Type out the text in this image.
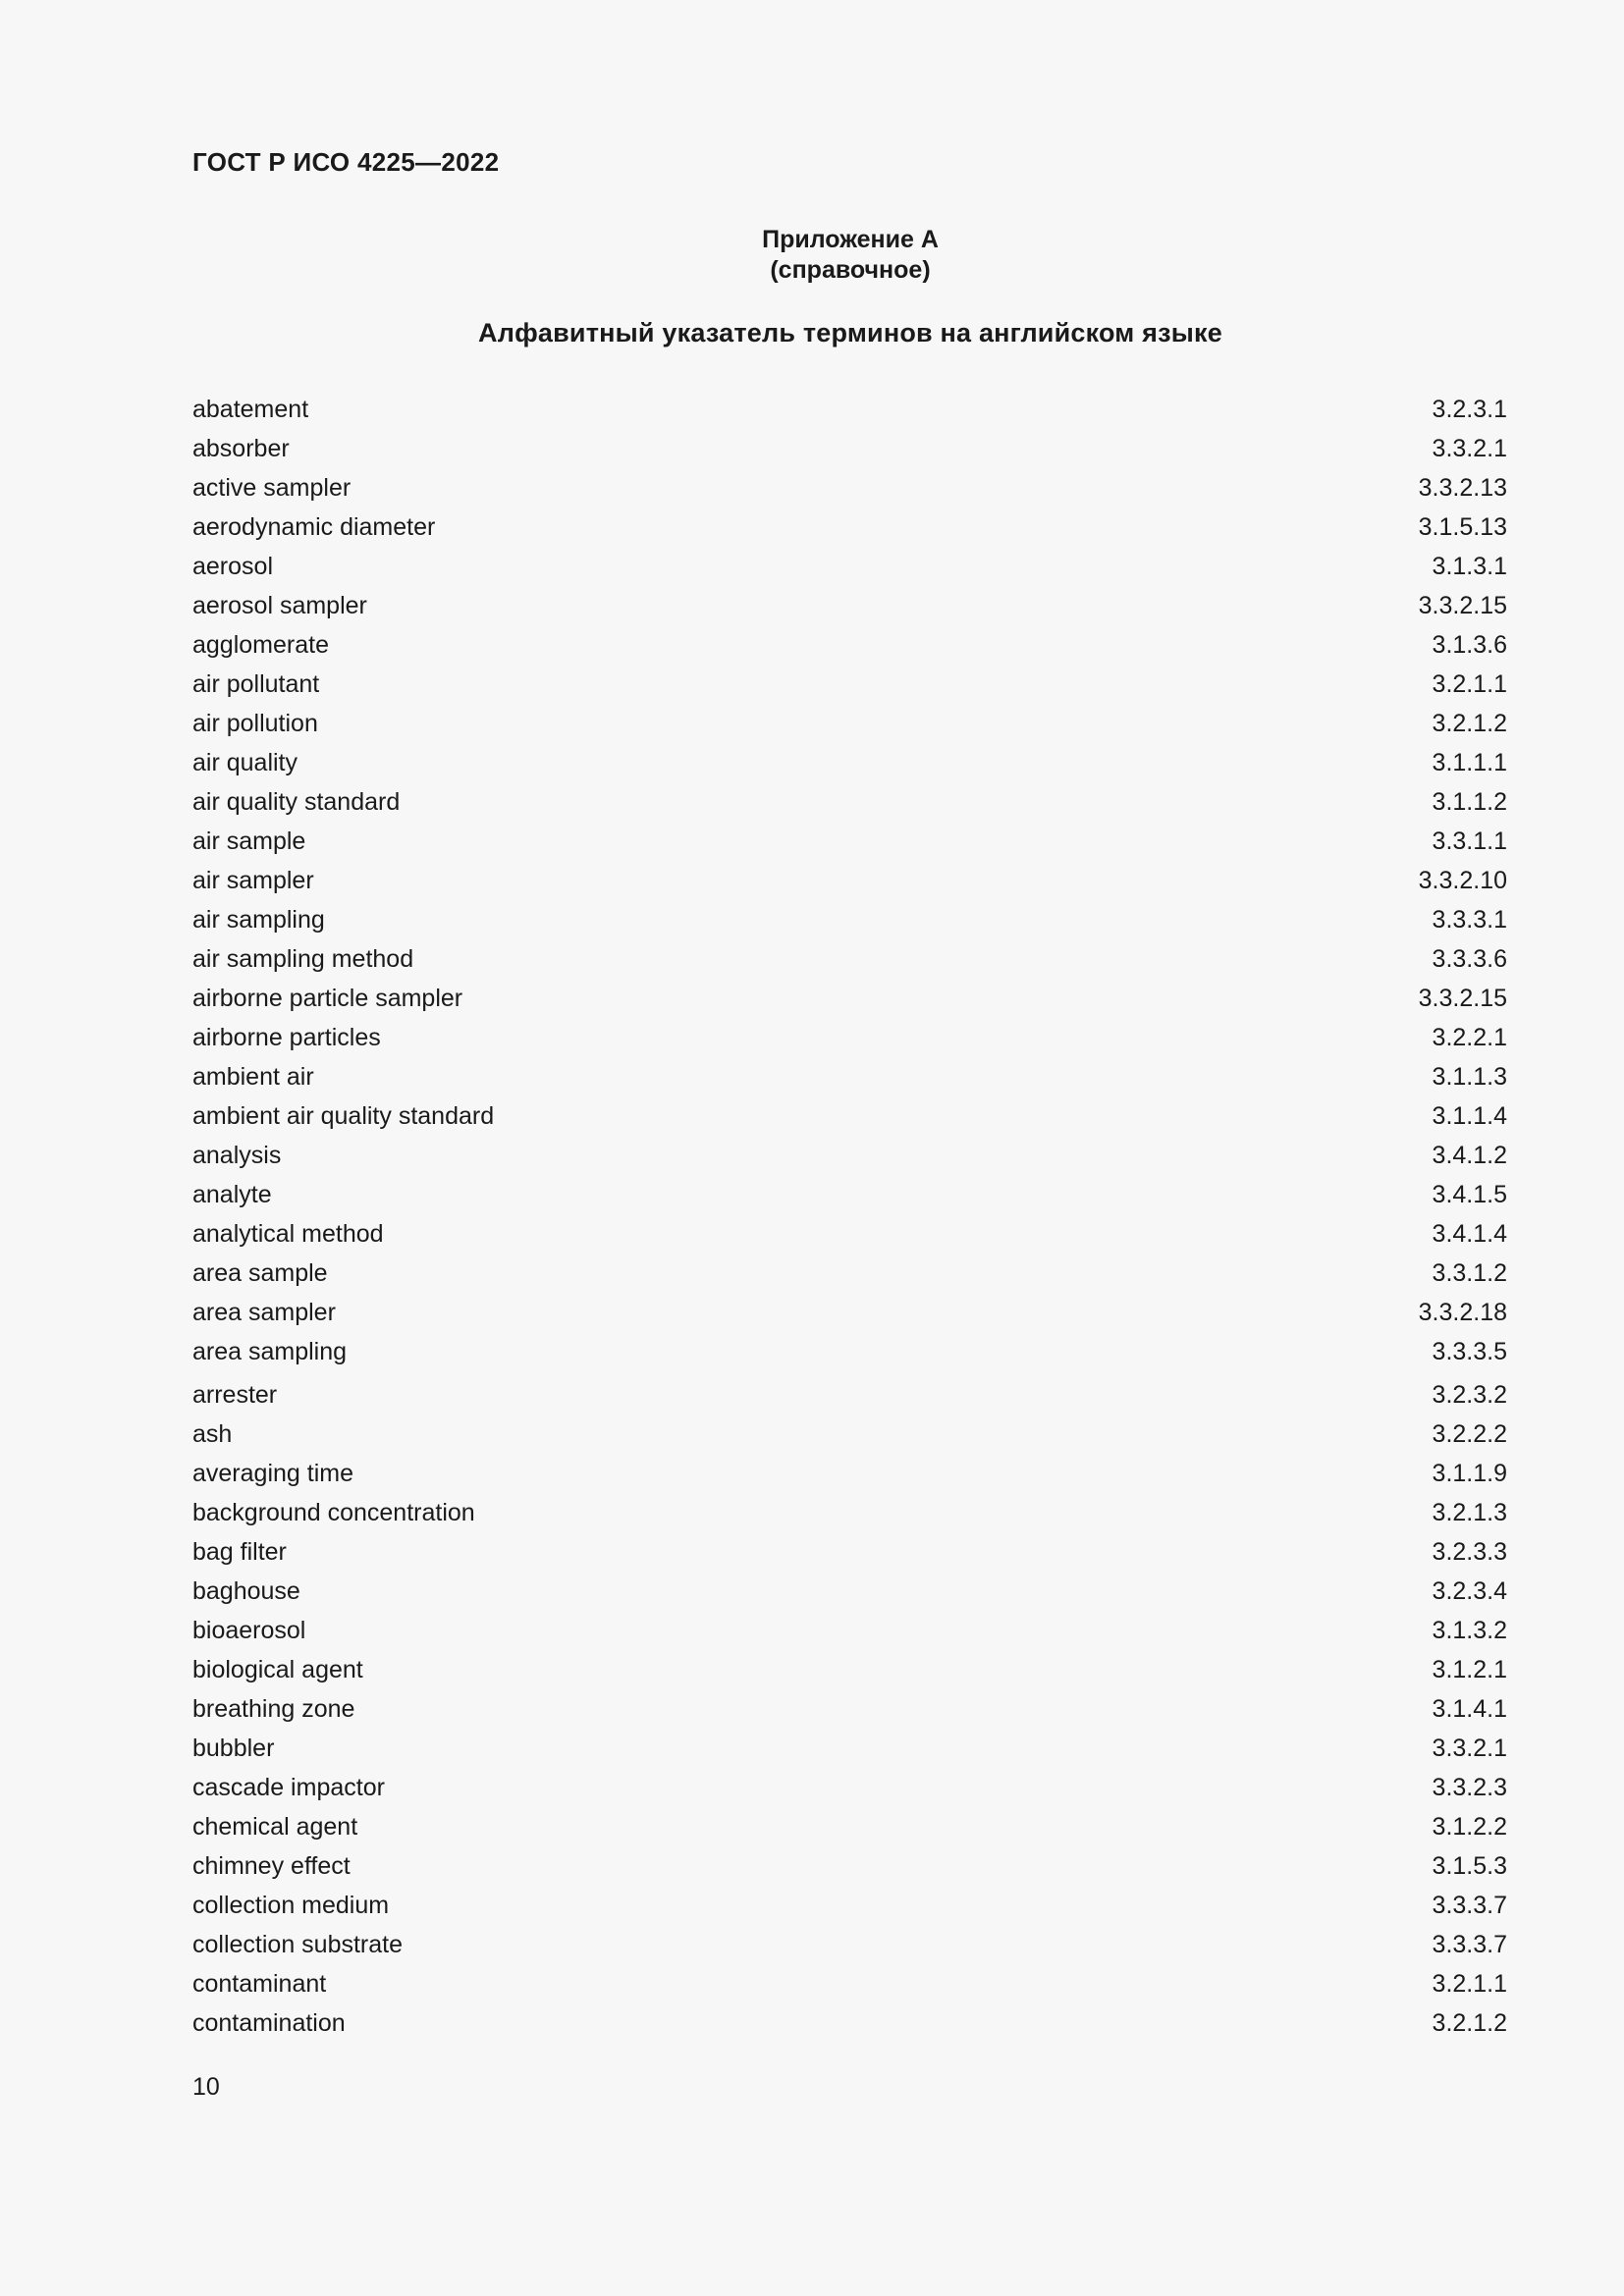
ГОСТ Р ИСО 4225—2022
Приложение А
(справочное)
Алфавитный указатель терминов на английском языке
abatement	3.2.3.1
absorber	3.3.2.1
active sampler	3.3.2.13
aerodynamic diameter	3.1.5.13
aerosol	3.1.3.1
aerosol sampler	3.3.2.15
agglomerate	3.1.3.6
air pollutant	3.2.1.1
air pollution	3.2.1.2
air quality	3.1.1.1
air quality standard	3.1.1.2
air sample	3.3.1.1
air sampler	3.3.2.10
air sampling	3.3.3.1
air sampling method	3.3.3.6
airborne particle sampler	3.3.2.15
airborne particles	3.2.2.1
ambient air	3.1.1.3
ambient air quality standard	3.1.1.4
analysis	3.4.1.2
analyte	3.4.1.5
analytical method	3.4.1.4
area sample	3.3.1.2
area sampler	3.3.2.18
area sampling	3.3.3.5
arrester	3.2.3.2
ash	3.2.2.2
averaging time	3.1.1.9
background concentration	3.2.1.3
bag filter	3.2.3.3
baghouse	3.2.3.4
bioaerosol	3.1.3.2
biological agent	3.1.2.1
breathing zone	3.1.4.1
bubbler	3.3.2.1
cascade impactor	3.3.2.3
chemical agent	3.1.2.2
chimney effect	3.1.5.3
collection medium	3.3.3.7
collection substrate	3.3.3.7
contaminant	3.2.1.1
contamination	3.2.1.2
10
